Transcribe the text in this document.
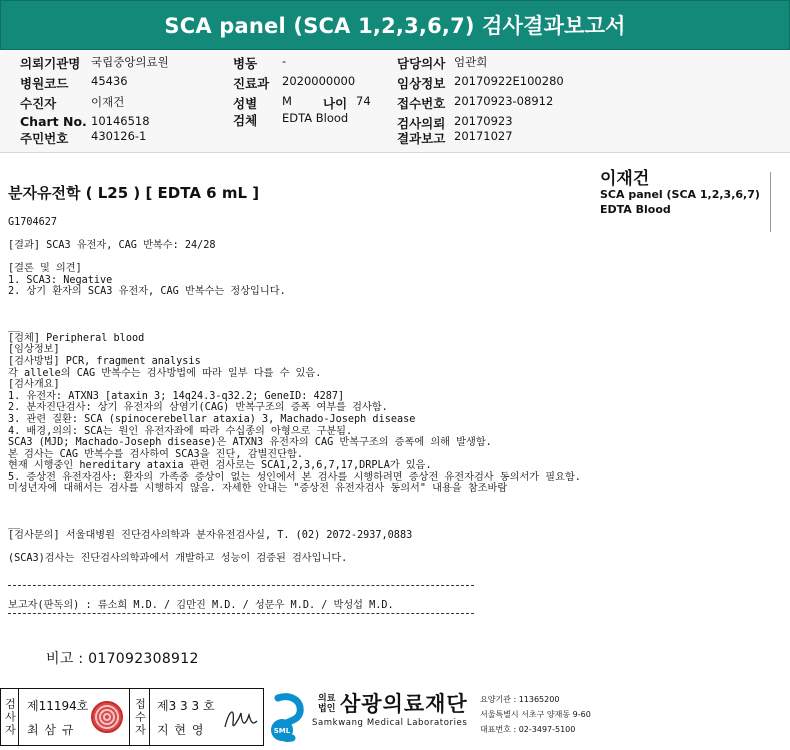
SCA panel (SCA 1,2,3,6,7) 검사결과보고서
의뢰기관명 국립중앙의료원
병원코드 45436
수진자	이재건
Chart No. 10146518
주민번호 430126-1
병동 -
진료과 2020000000
성별 M 나이 74
검체 EDTA Blood
담당의사 엄관희
임상정보 20170922E100280
접수번호 20170923-08912
검사의뢰 20170923
결과보고 20171027
분자유전학 ( L25 ) [ EDTA 6 mL ]
이재건
SCA panel (SCA 1,2,3,6,7)
EDTA Blood
G1704627
[결과] SCA3 유전자, CAG 반복수: 24/28
[결론 및 의견]
1. SCA3: Negative
2. 상기 환자의 SCA3 유전자, CAG 반복수는 정상입니다.
__
[검체] Peripheral blood
[임상정보]
[검사방법] PCR, fragment analysis
각 allele의 CAG 반복수는 검사방법에 따라 일부 다를 수 있음.
[검사개요]
1. 유전자: ATXN3 [ataxin 3; 14q24.3-q32.2; GeneID: 4287]
2. 분자진단검사: 상기 유전자의 삼염기(CAG) 반복구조의 증폭 여부를 검사함.
3. 관련 질환: SCA (spinocerebellar ataxia) 3, Machado-Joseph disease
4. 배경,의의: SCA는 원인 유전자좌에 따라 수십종의 아형으로 구분됨.
SCA3 (MJD; Machado-Joseph disease)은 ATXN3 유전자의 CAG 반복구조의 증폭에 의해 발생함.
본 검사는 CAG 반복수를 검사하여 SCA3을 진단, 감별진단함.
현재 시행중인 hereditary ataxia 관련 검사로는 SCA1,2,3,6,7,17,DRPLA가 있음.
5. 증상전 유전자검사: 환자의 가족중 증상이 없는 성인에서 본 검사를 시행하려면 증상전 유전자검사 동의서가 필요함.
미성년자에 대해서는 검사를 시행하지 않음. 자세한 안내는 "증상전 유전자검사 동의서" 내용을 참조바람
__
[검사문의] 서울대병원 진단검사의학과 분자유전검사실, T. (02) 2072-2937,0883
(SCA3)검사는 진단검사의학과에서 개발하고 성능이 검증된 검사입니다.
보고자(판독의) : 류소희 M.D. / 김만진 M.D. / 성문우 M.D. / 박성섭 M.D.
비고 : 017092308912
검사자 제11194호
최 삼 규	접수자 제3 3 3 호
지 현 영	SML
의료 법인 삼광의료재단
Samkwang Medical Laboratories
요양기관 : 11365200
서울특별시 서초구 양재동 9-60
대표번호 : 02-3497-5100
